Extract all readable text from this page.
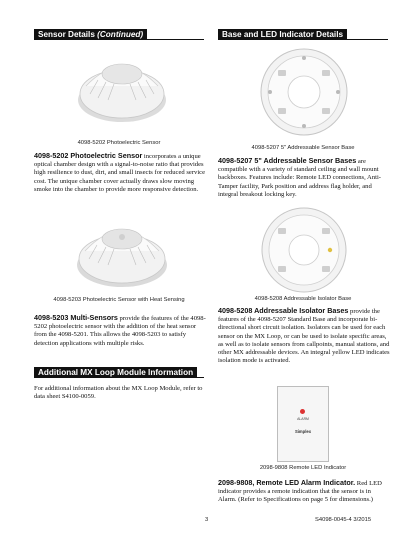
Sensor Details (Continued)
4098-5202 Photoelectric Sensor
4098-5202 Photoelectric Sensor incorporates a unique optical chamber design with a signal-to-noise ratio that provides high resilience to dust, dirt, and small insects for reduced service cost. The unique chamber cover actually draws slow moving smoke into the chamber to provide more responsive detection.
4098-5203 Photoelectric Sensor with Heat Sensing
4098-5203 Multi-Sensors provide the features of the 4098-5202 photoelectric sensor with the addition of the heat sensor from the 4098-5201. This allows the 4098-5203 to satisfy detection applications with multiple risks.
Additional MX Loop Module Information
For additional information about the MX Loop Module, refer to data sheet S4100-0059.
Base and LED Indicator Details
4098-5207 5" Addressable Sensor Base
4098-5207 5" Addressable Sensor Bases are compatible with a variety of standard ceiling and wall mount backboxes. Features include: Remote LED connections, Anti-Tamper facility, Park position and address flag holder, and integral breakout locking key.
4098-5208 Addressable Isolator Base
4098-5208 Addressable Isolator Bases provide the features of the 4098-5207 Standard Base and incorporate bi-directional short circuit isolation. Isolators can be used for each sensor on the MX Loop, or can be used to isolate specific areas, as well as to isolate sensors from callpoints, manual stations, and other MX addressable devices. An integral yellow LED indicates isolation mode is activated.
ALARM
Simplex
2098-9808 Remote LED Indicator
2098-9808, Remote LED Alarm Indicator. Red LED indicator provides a remote indication that the sensor is in Alarm. (Refer to Specifications on page 5 for dimensions.)
3	S4098-0045-4 3/2015
